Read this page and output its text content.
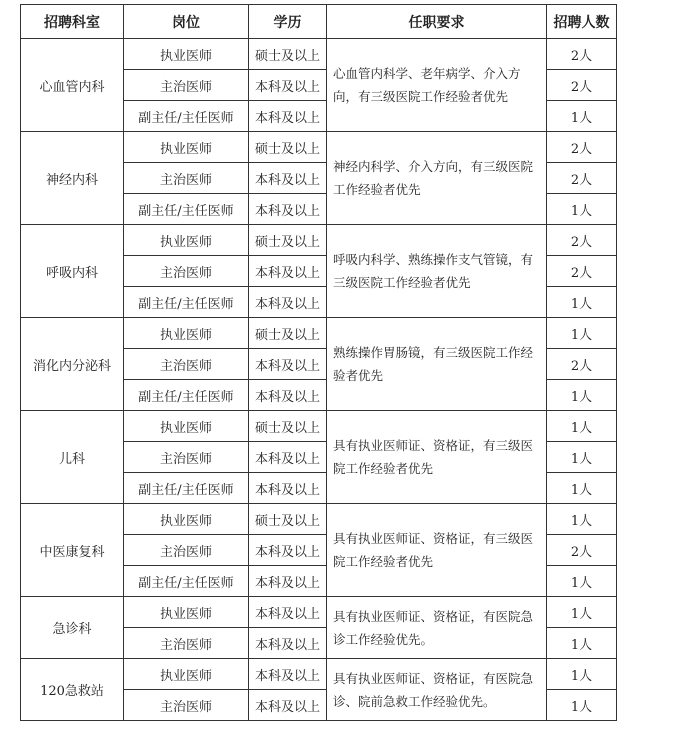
招聘科室	岗位	学历	任职要求	招聘人数
心血管内科	执业医师	硕士及以上	心血管内科学、老年病学、介入方向，有三级医院工作经验者优先	2人
	主治医师	本科及以上		2人
	副主任/主任医师	本科及以上		1人
神经内科	执业医师	硕士及以上	神经内科学、介入方向，有三级医院工作经验者优先	2人
	主治医师	本科及以上		2人
	副主任/主任医师	本科及以上		1人
呼吸内科	执业医师	硕士及以上	呼吸内科学、熟练操作支气管镜，有三级医院工作经验者优先	2人
	主治医师	本科及以上		2人
	副主任/主任医师	本科及以上		1人
消化内分泌科	执业医师	硕士及以上	熟练操作胃肠镜，有三级医院工作经验者优先	1人
	主治医师	本科及以上		2人
	副主任/主任医师	本科及以上		1人
儿科	执业医师	硕士及以上	具有执业医师证、资格证，有三级医院工作经验者优先	1人
	主治医师	本科及以上		1人
	副主任/主任医师	本科及以上		1人
中医康复科	执业医师	硕士及以上	具有执业医师证、资格证，有三级医院工作经验者优先	1人
	主治医师	本科及以上		2人
	副主任/主任医师	本科及以上		1人
急诊科	执业医师	本科及以上	具有执业医师证、资格证，有医院急诊工作经验优先。	1人
	主治医师	本科及以上		1人
120急救站	执业医师	本科及以上	具有执业医师证、资格证，有医院急诊、院前急救工作经验优先。	1人
	主治医师	本科及以上		1人
